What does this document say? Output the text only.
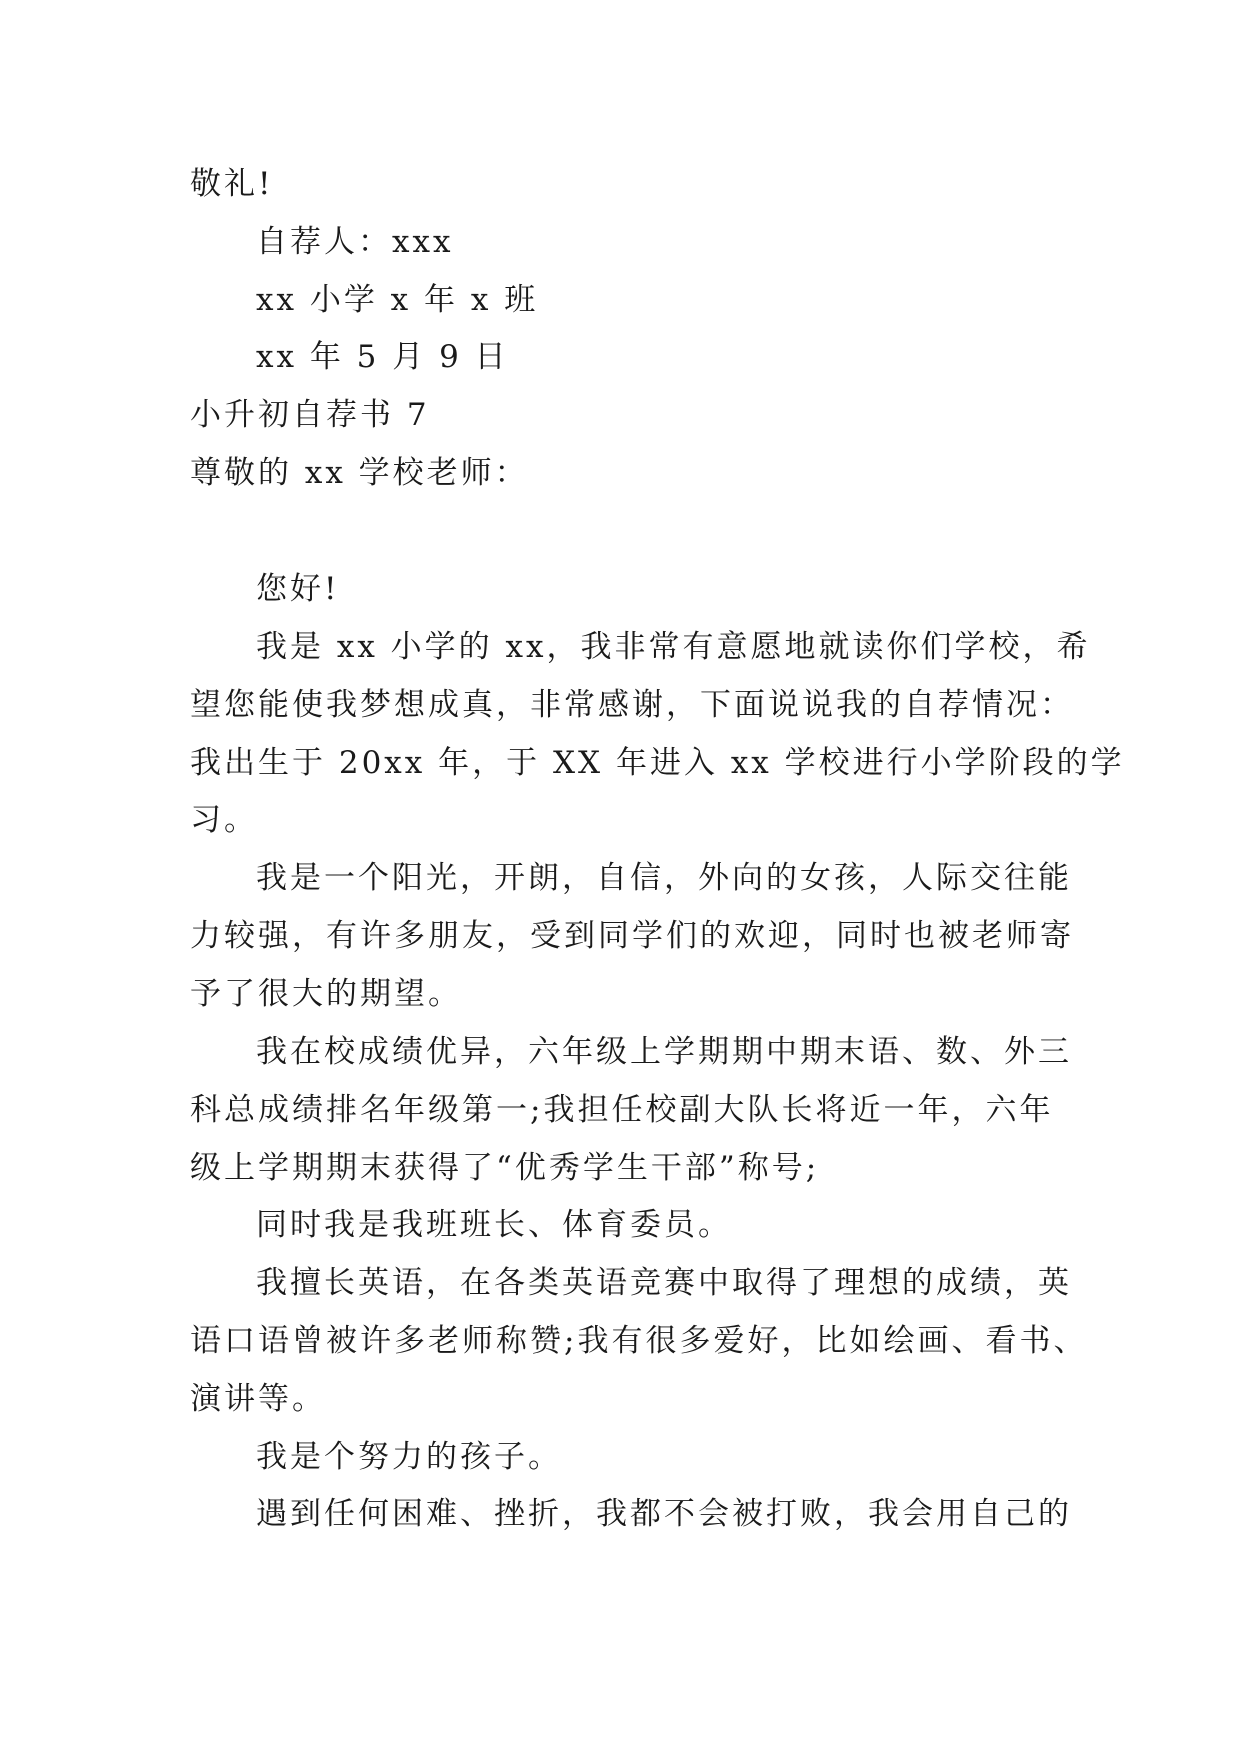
敬礼!
自荐人：xxx
xx 小学 x 年 x 班
xx 年 5 月 9 日
小升初自荐书 7
尊敬的 xx 学校老师：
您好!
我是 xx 小学的 xx，我非常有意愿地就读你们学校，希
望您能使我梦想成真，非常感谢，下面说说我的自荐情况：
我出生于 20xx 年，于 XX 年进入 xx 学校进行小学阶段的学
习。
我是一个阳光，开朗，自信，外向的女孩，人际交往能
力较强，有许多朋友，受到同学们的欢迎，同时也被老师寄
予了很大的期望。
我在校成绩优异，六年级上学期期中期末语、数、外三
科总成绩排名年级第一;我担任校副大队长将近一年，六年
级上学期期末获得了“优秀学生干部”称号;
同时我是我班班长、体育委员。
我擅长英语，在各类英语竞赛中取得了理想的成绩，英
语口语曾被许多老师称赞;我有很多爱好，比如绘画、看书、
演讲等。
我是个努力的孩子。
遇到任何困难、挫折，我都不会被打败，我会用自己的
